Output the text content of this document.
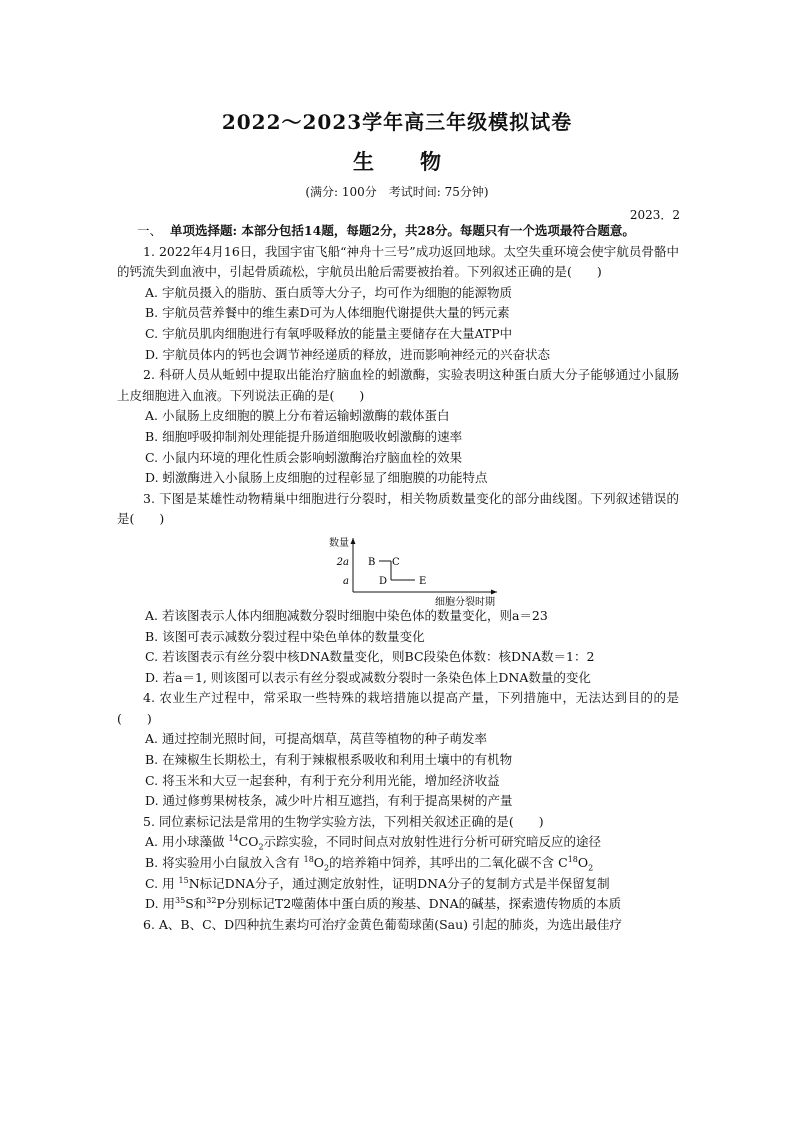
2022～2023学年高三年级模拟试卷
生物
(满分: 100分　考试时间: 75分钟)
2023．2

一、 单项选择题: 本部分包括14题，每题2分，共28分。每题只有一个选项最符合题意。

1. 2022年4月16日，我国宇宙飞船“神舟十三号”成功返回地球。太空失重环境会使宇航员骨骼中的钙流失到血液中，引起骨质疏松，宇航员出舱后需要被抬着。下列叙述正确的是(　　)

A. 宇航员摄入的脂肪、蛋白质等大分子，均可作为细胞的能源物质

B. 宇航员营养餐中的维生素D可为人体细胞代谢提供大量的钙元素

C. 宇航员肌肉细胞进行有氧呼吸释放的能量主要储存在大量ATP中

D. 宇航员体内的钙也会调节神经递质的释放，进而影响神经元的兴奋状态

2. 科研人员从蚯蚓中提取出能治疗脑血栓的蚓激酶，实验表明这种蛋白质大分子能够通过小鼠肠上皮细胞进入血液。下列说法正确的是(　　)

A. 小鼠肠上皮细胞的膜上分布着运输蚓激酶的载体蛋白

B. 细胞呼吸抑制剂处理能提升肠道细胞吸收蚓激酶的速率

C. 小鼠内环境的理化性质会影响蚓激酶治疗脑血栓的效果

D. 蚓激酶进入小鼠肠上皮细胞的过程彰显了细胞膜的功能特点

3. 下图是某雄性动物精巢中细胞进行分裂时，相关物质数量变化的部分曲线图。下列叙述错误的是(　　)

数量
细胞分裂时期
2a
a
B C
D	E

A. 若该图表示人体内细胞减数分裂时细胞中染色体的数量变化，则a＝23

B. 该图可表示减数分裂过程中染色单体的数量变化

C. 若该图表示有丝分裂中核DNA数量变化，则BC段染色体数：核DNA数＝1：2

D. 若a＝1, 则该图可以表示有丝分裂或减数分裂时一条染色体上DNA数量的变化

4. 农业生产过程中，常采取一些特殊的栽培措施以提高产量，下列措施中，无法达到目的的是(　　)

A. 通过控制光照时间，可提高烟草，莴苣等植物的种子萌发率

B. 在辣椒生长期松土，有利于辣椒根系吸收和利用土壤中的有机物

C. 将玉米和大豆一起套种，有利于充分利用光能，增加经济收益

D. 通过修剪果树枝条，减少叶片相互遮挡，有利于提高果树的产量

5. 同位素标记法是常用的生物学实验方法，下列相关叙述正确的是(　　)

A. 用小球藻做 $^{14}CO_2$示踪实验，不同时间点对放射性进行分析可研究暗反应的途径

B. 将实验用小白鼠放入含有 $^{18}O_2$的培养箱中饲养，其呼出的二氧化碳不含 $C^{18}O_2$

C. 用 $^{15}$N标记DNA分子，通过测定放射性，证明DNA分子的复制方式是半保留复制

D. 用$^{35}$S和$^{32}$P分别标记T2噬菌体中蛋白质的羧基、DNA的碱基，探索遗传物质的本质

6. A、B、C、D四种抗生素均可治疗金黄色葡萄球菌(Sau) 引起的肺炎，为选出最佳疗
